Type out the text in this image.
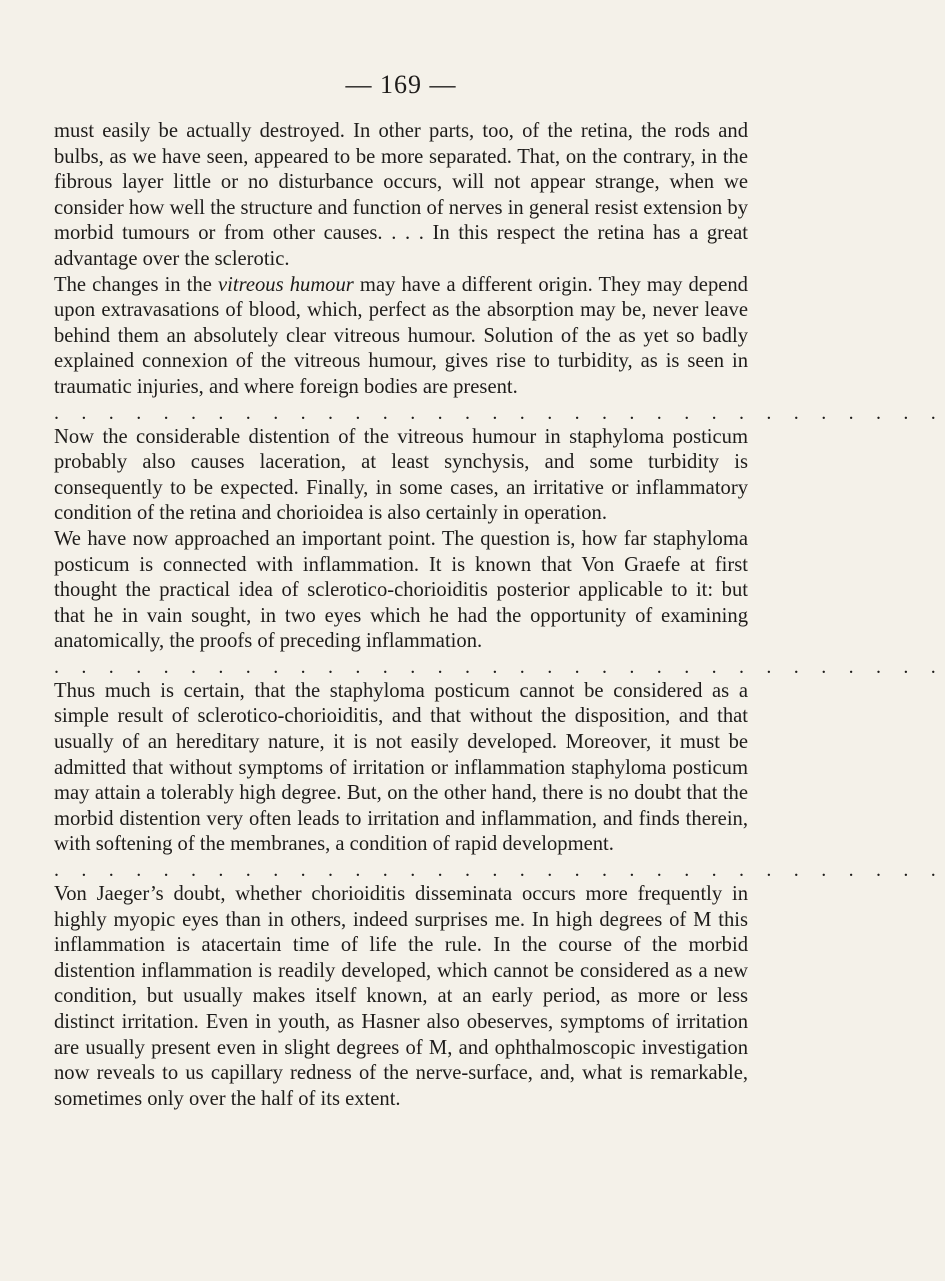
— 169 —

must easily be actually destroyed. In other parts, too, of the retina, the rods and bulbs, as we have seen, appeared to be more separated. That, on the contrary, in the fibrous layer little or no disturbance occurs, will not appear strange, when we consider how well the structure and function of nerves in general resist extension by morbid tumours or from other causes. . . . In this respect the retina has a great advantage over the sclerotic.

The changes in the vitreous humour may have a different origin. They may depend upon extravasations of blood, which, perfect as the absorption may be, never leave behind them an absolutely clear vitreous humour. Solution of the as yet so badly explained connexion of the vitreous humour, gives rise to turbidity, as is seen in traumatic injuries, and where foreign bodies are present.

. . . . . . . . . . . . . . . . . . . . . . . . . . . . . . . . .

Now the considerable distention of the vitreous humour in staphyloma posticum probably also causes laceration, at least synchysis, and some turbidity is consequently to be expected. Finally, in some cases, an irritative or inflammatory condition of the retina and chorioidea is also certainly in operation.

We have now approached an important point. The question is, how far staphyloma posticum is connected with inflammation. It is known that Von Graefe at first thought the practical idea of sclerotico-chorioiditis posterior applicable to it: but that he in vain sought, in two eyes which he had the opportunity of examining anatomically, the proofs of preceding inflammation.

. . . . . . . . . . . . . . . . . . . . . . . . . . . . . . . . .

Thus much is certain, that the staphyloma posticum cannot be considered as a simple result of sclerotico-chorioiditis, and that without the disposition, and that usually of an hereditary nature, it is not easily developed. Moreover, it must be admitted that without symptoms of irritation or inflammation staphyloma posticum may attain a tolerably high degree. But, on the other hand, there is no doubt that the morbid distention very often leads to irritation and inflammation, and finds therein, with softening of the membranes, a condition of rapid development.

. . . . . . . . . . . . . . . . . . . . . . . . . . . . . . . . .

Von Jaeger’s doubt, whether chorioiditis disseminata occurs more frequently in highly myopic eyes than in others, indeed surprises me. In high degrees of M this inflammation is atacertain time of life the rule. In the course of the morbid distention inflammation is readily developed, which cannot be considered as a new condition, but usually makes itself known, at an early period, as more or less distinct irritation. Even in youth, as Hasner also obeserves, symptoms of irritation are usually present even in slight degrees of M, and ophthalmoscopic investigation now reveals to us capillary redness of the nerve-surface, and, what is remarkable, sometimes only over the half of its extent.
